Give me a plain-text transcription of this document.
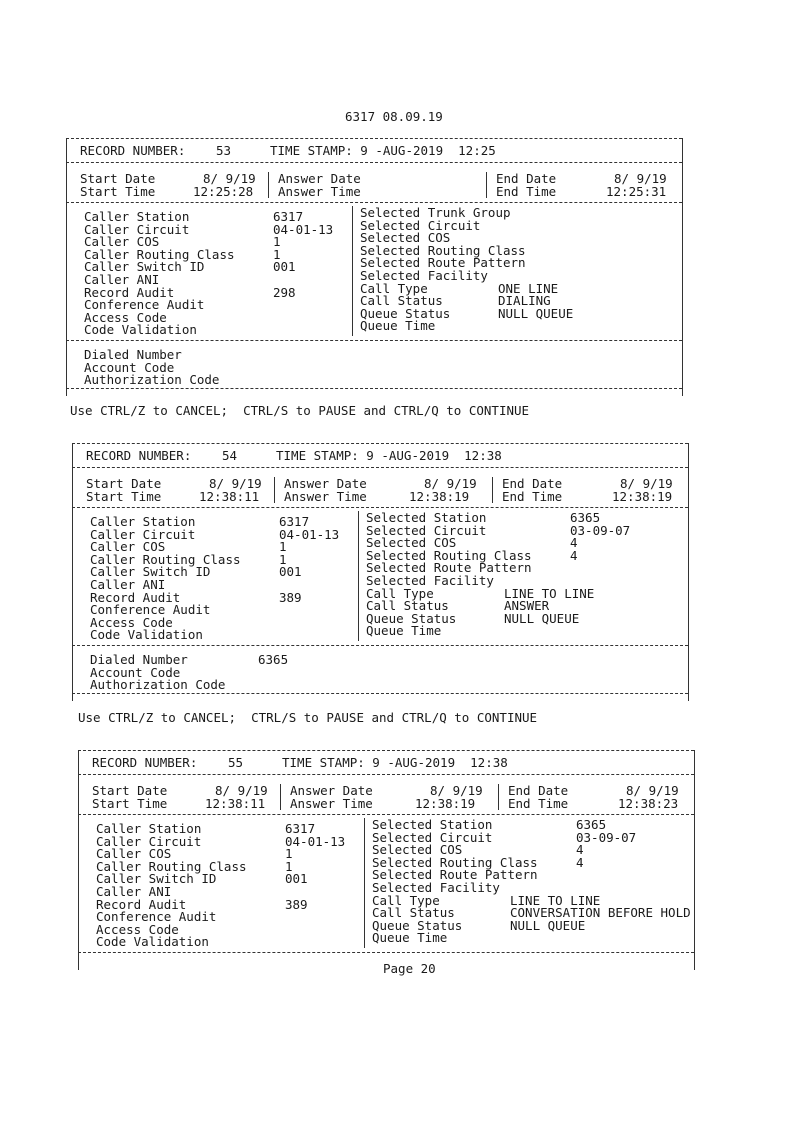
6317 08.09.19
RECORD NUMBER: 53	TIME STAMP: 9 -AUG-2019  12:25
Start Date	8/ 9/19
Start Time	12:25:28
Answer Date
Answer Time
End Date	8/ 9/19
End Time	12:25:31
Caller Station	6317
Caller Circuit	04-01-13
Caller COS	1
Caller Routing Class	1
Caller Switch ID	001
Caller ANI
Record Audit	298
Conference Audit
Access Code
Code Validation
Selected Trunk Group
Selected Circuit
Selected COS
Selected Routing Class
Selected Route Pattern
Selected Facility
Call Type	ONE LINE
Call Status	DIALING
Queue Status	NULL QUEUE
Queue Time
Dialed Number
Account Code
Authorization Code
RECORD NUMBER: 54	TIME STAMP: 9 -AUG-2019  12:38
Start Date	8/ 9/19
Start Time	12:38:11
Answer Date	8/ 9/19
Answer Time	12:38:19
End Date	8/ 9/19
End Time	12:38:19
Caller Station	6317
Caller Circuit	04-01-13
Caller COS	1
Caller Routing Class	1
Caller Switch ID	001
Caller ANI
Record Audit	389
Conference Audit
Access Code
Code Validation
Selected Station	6365
Selected Circuit	03-09-07
Selected COS	4
Selected Routing Class	4
Selected Route Pattern
Selected Facility
Call Type	LINE TO LINE
Call Status	ANSWER
Queue Status	NULL QUEUE
Queue Time
Dialed Number	6365
Account Code
Authorization Code
RECORD NUMBER: 55	TIME STAMP: 9 -AUG-2019  12:38
Start Date	8/ 9/19
Start Time	12:38:11
Answer Date	8/ 9/19
Answer Time	12:38:19
End Date	8/ 9/19
End Time	12:38:23
Caller Station	6317
Caller Circuit	04-01-13
Caller COS	1
Caller Routing Class	1
Caller Switch ID	001
Caller ANI
Record Audit	389
Conference Audit
Access Code
Code Validation
Selected Station	6365
Selected Circuit	03-09-07
Selected COS	4
Selected Routing Class	4
Selected Route Pattern
Selected Facility
Call Type	LINE TO LINE
Call Status	CONVERSATION BEFORE HOLD
Queue Status	NULL QUEUE
Queue Time
Use CTRL/Z to CANCEL;  CTRL/S to PAUSE and CTRL/Q to CONTINUE
Use CTRL/Z to CANCEL;  CTRL/S to PAUSE and CTRL/Q to CONTINUE
Page 20
